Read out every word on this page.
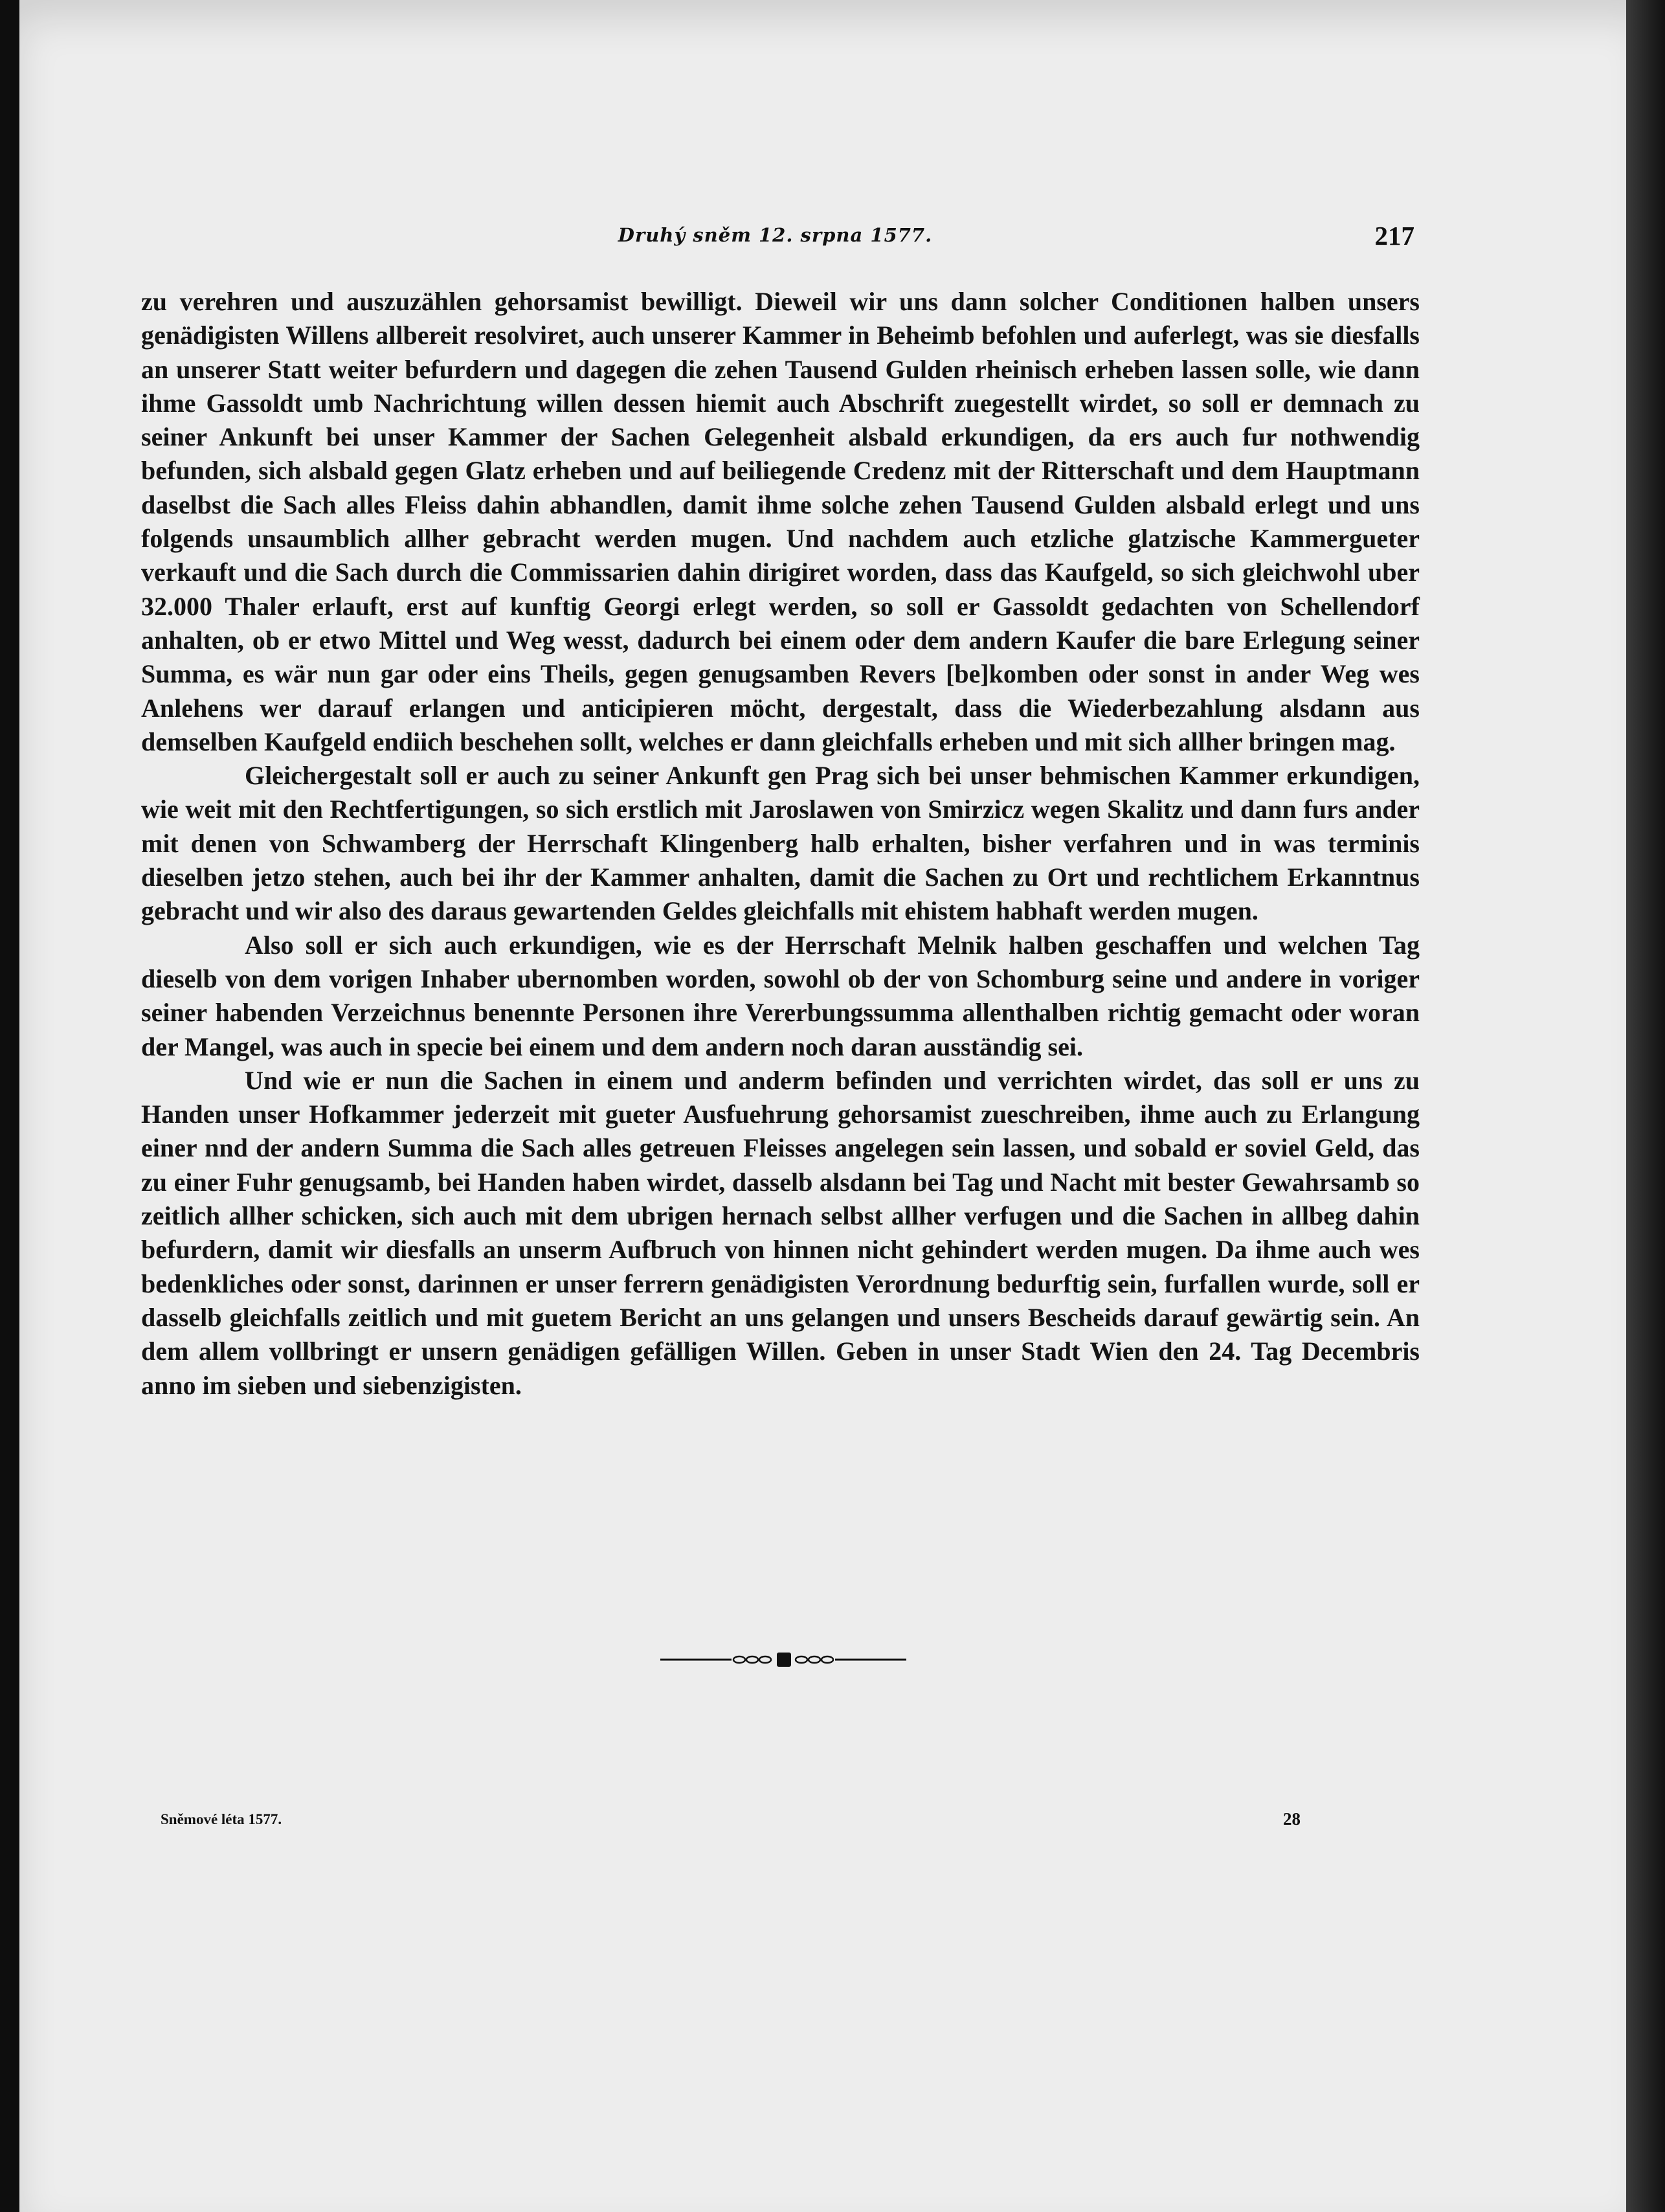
Druhý sněm 12. srpna 1577.	217

zu verehren und auszuzählen gehorsamist bewilligt. Dieweil wir uns dann solcher Conditionen halben unsers genädigisten Willens allbereit resolviret, auch unserer Kammer in Beheimb befohlen und auferlegt, was sie diesfalls an unserer Statt weiter befurdern und dagegen die zehen Tausend Gulden rheinisch erheben lassen solle, wie dann ihme Gassoldt umb Nachrichtung willen dessen hiemit auch Abschrift zuegestellt wirdet, so soll er demnach zu seiner Ankunft bei unser Kammer der Sachen Gelegenheit alsbald erkundigen, da ers auch fur nothwendig befunden, sich alsbald gegen Glatz erheben und auf beiliegende Credenz mit der Ritterschaft und dem Hauptmann daselbst die Sach alles Fleiss dahin abhandlen, damit ihme solche zehen Tausend Gulden alsbald erlegt und uns folgends unsaumblich allher gebracht werden mugen. Und nachdem auch etzliche glatzische Kammergueter verkauft und die Sach durch die Commissarien dahin dirigiret worden, dass das Kaufgeld, so sich gleichwohl uber 32.000 Thaler erlauft, erst auf kunftig Georgi erlegt werden, so soll er Gassoldt gedachten von Schellendorf anhalten, ob er etwo Mittel und Weg wesst, dadurch bei einem oder dem andern Kaufer die bare Erlegung seiner Summa, es wär nun gar oder eins Theils, gegen genugsamben Revers [be]komben oder sonst in ander Weg wes Anlehens wer darauf erlangen und anticipieren möcht, dergestalt, dass die Wiederbezahlung alsdann aus demselben Kaufgeld endiich beschehen sollt, welches er dann gleichfalls erheben und mit sich allher bringen mag.

Gleichergestalt soll er auch zu seiner Ankunft gen Prag sich bei unser behmischen Kammer erkundigen, wie weit mit den Rechtfertigungen, so sich erstlich mit Jaroslawen von Smirzicz wegen Skalitz und dann furs ander mit denen von Schwamberg der Herrschaft Klingenberg halb erhalten, bisher verfahren und in was terminis dieselben jetzo stehen, auch bei ihr der Kammer anhalten, damit die Sachen zu Ort und rechtlichem Erkanntnus gebracht und wir also des daraus gewartenden Geldes gleichfalls mit ehistem habhaft werden mugen.

Also soll er sich auch erkundigen, wie es der Herrschaft Melnik halben geschaffen und welchen Tag dieselb von dem vorigen Inhaber ubernomben worden, sowohl ob der von Schomburg seine und andere in voriger seiner habenden Verzeichnus benennte Personen ihre Vererbungssumma allenthalben richtig gemacht oder woran der Mangel, was auch in specie bei einem und dem andern noch daran ausständig sei.

Und wie er nun die Sachen in einem und anderm befinden und verrichten wirdet, das soll er uns zu Handen unser Hofkammer jederzeit mit gueter Ausfuehrung gehorsamist zueschreiben, ihme auch zu Erlangung einer nnd der andern Summa die Sach alles getreuen Fleisses angelegen sein lassen, und sobald er soviel Geld, das zu einer Fuhr genugsamb, bei Handen haben wirdet, dasselb alsdann bei Tag und Nacht mit bester Gewahrsamb so zeitlich allher schicken, sich auch mit dem ubrigen hernach selbst allher verfugen und die Sachen in allbeg dahin befurdern, damit wir diesfalls an unserm Aufbruch von hinnen nicht gehindert werden mugen. Da ihme auch wes bedenkliches oder sonst, darinnen er unser ferrern genädigisten Verordnung bedurftig sein, furfallen wurde, soll er dasselb gleichfalls zeitlich und mit guetem Bericht an uns gelangen und unsers Bescheids darauf gewärtig sein. An dem allem vollbringt er unsern genädigen gefälligen Willen. Geben in unser Stadt Wien den 24. Tag Decembris anno im sieben und siebenzigisten.

Sněmové léta 1577.	28
